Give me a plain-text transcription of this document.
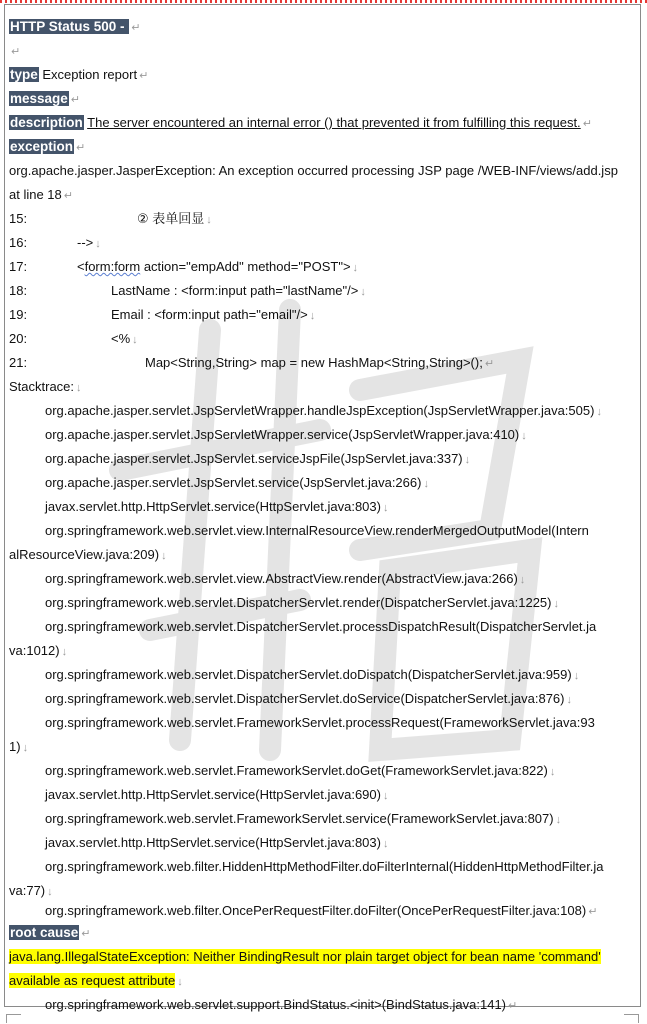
HTTP Status 500 - ↵
↵
type Exception report ↵
message ↵
description The server encountered an internal error () that prevented it from fulfilling this request. ↵
exception ↵
org.apache.jasper.JasperException: An exception occurred processing JSP page /WEB-INF/views/add.jsp
at line 18 ↵
15:	② 表单回显 ↓
16:	--> ↓
17:	<form:form action="empAdd" method="POST"> ↓
18:	LastName : <form:input path="lastName"/> ↓
19:	Email : <form:input path="email"/> ↓
20:	<% ↓
21:	Map<String,String> map = new HashMap<String,String>(); ↵
Stacktrace: ↓
org.apache.jasper.servlet.JspServletWrapper.handleJspException(JspServletWrapper.java:505) ↓
org.apache.jasper.servlet.JspServletWrapper.service(JspServletWrapper.java:410) ↓
org.apache.jasper.servlet.JspServlet.serviceJspFile(JspServlet.java:337) ↓
org.apache.jasper.servlet.JspServlet.service(JspServlet.java:266) ↓
javax.servlet.http.HttpServlet.service(HttpServlet.java:803) ↓
org.springframework.web.servlet.view.InternalResourceView.renderMergedOutputModel(Intern
alResourceView.java:209) ↓
org.springframework.web.servlet.view.AbstractView.render(AbstractView.java:266) ↓
org.springframework.web.servlet.DispatcherServlet.render(DispatcherServlet.java:1225) ↓
org.springframework.web.servlet.DispatcherServlet.processDispatchResult(DispatcherServlet.ja
va:1012) ↓
org.springframework.web.servlet.DispatcherServlet.doDispatch(DispatcherServlet.java:959) ↓
org.springframework.web.servlet.DispatcherServlet.doService(DispatcherServlet.java:876) ↓
org.springframework.web.servlet.FrameworkServlet.processRequest(FrameworkServlet.java:93
1) ↓
org.springframework.web.servlet.FrameworkServlet.doGet(FrameworkServlet.java:822) ↓
javax.servlet.http.HttpServlet.service(HttpServlet.java:690) ↓
org.springframework.web.servlet.FrameworkServlet.service(FrameworkServlet.java:807) ↓
javax.servlet.http.HttpServlet.service(HttpServlet.java:803) ↓
org.springframework.web.filter.HiddenHttpMethodFilter.doFilterInternal(HiddenHttpMethodFilter.ja
va:77) ↓
org.springframework.web.filter.OncePerRequestFilter.doFilter(OncePerRequestFilter.java:108) ↵
root cause ↵
java.lang.IllegalStateException: Neither BindingResult nor plain target object for bean name 'command'
available as request attribute ↓
org.springframework.web.servlet.support.BindStatus.<init>(BindStatus.java:141) ↵
